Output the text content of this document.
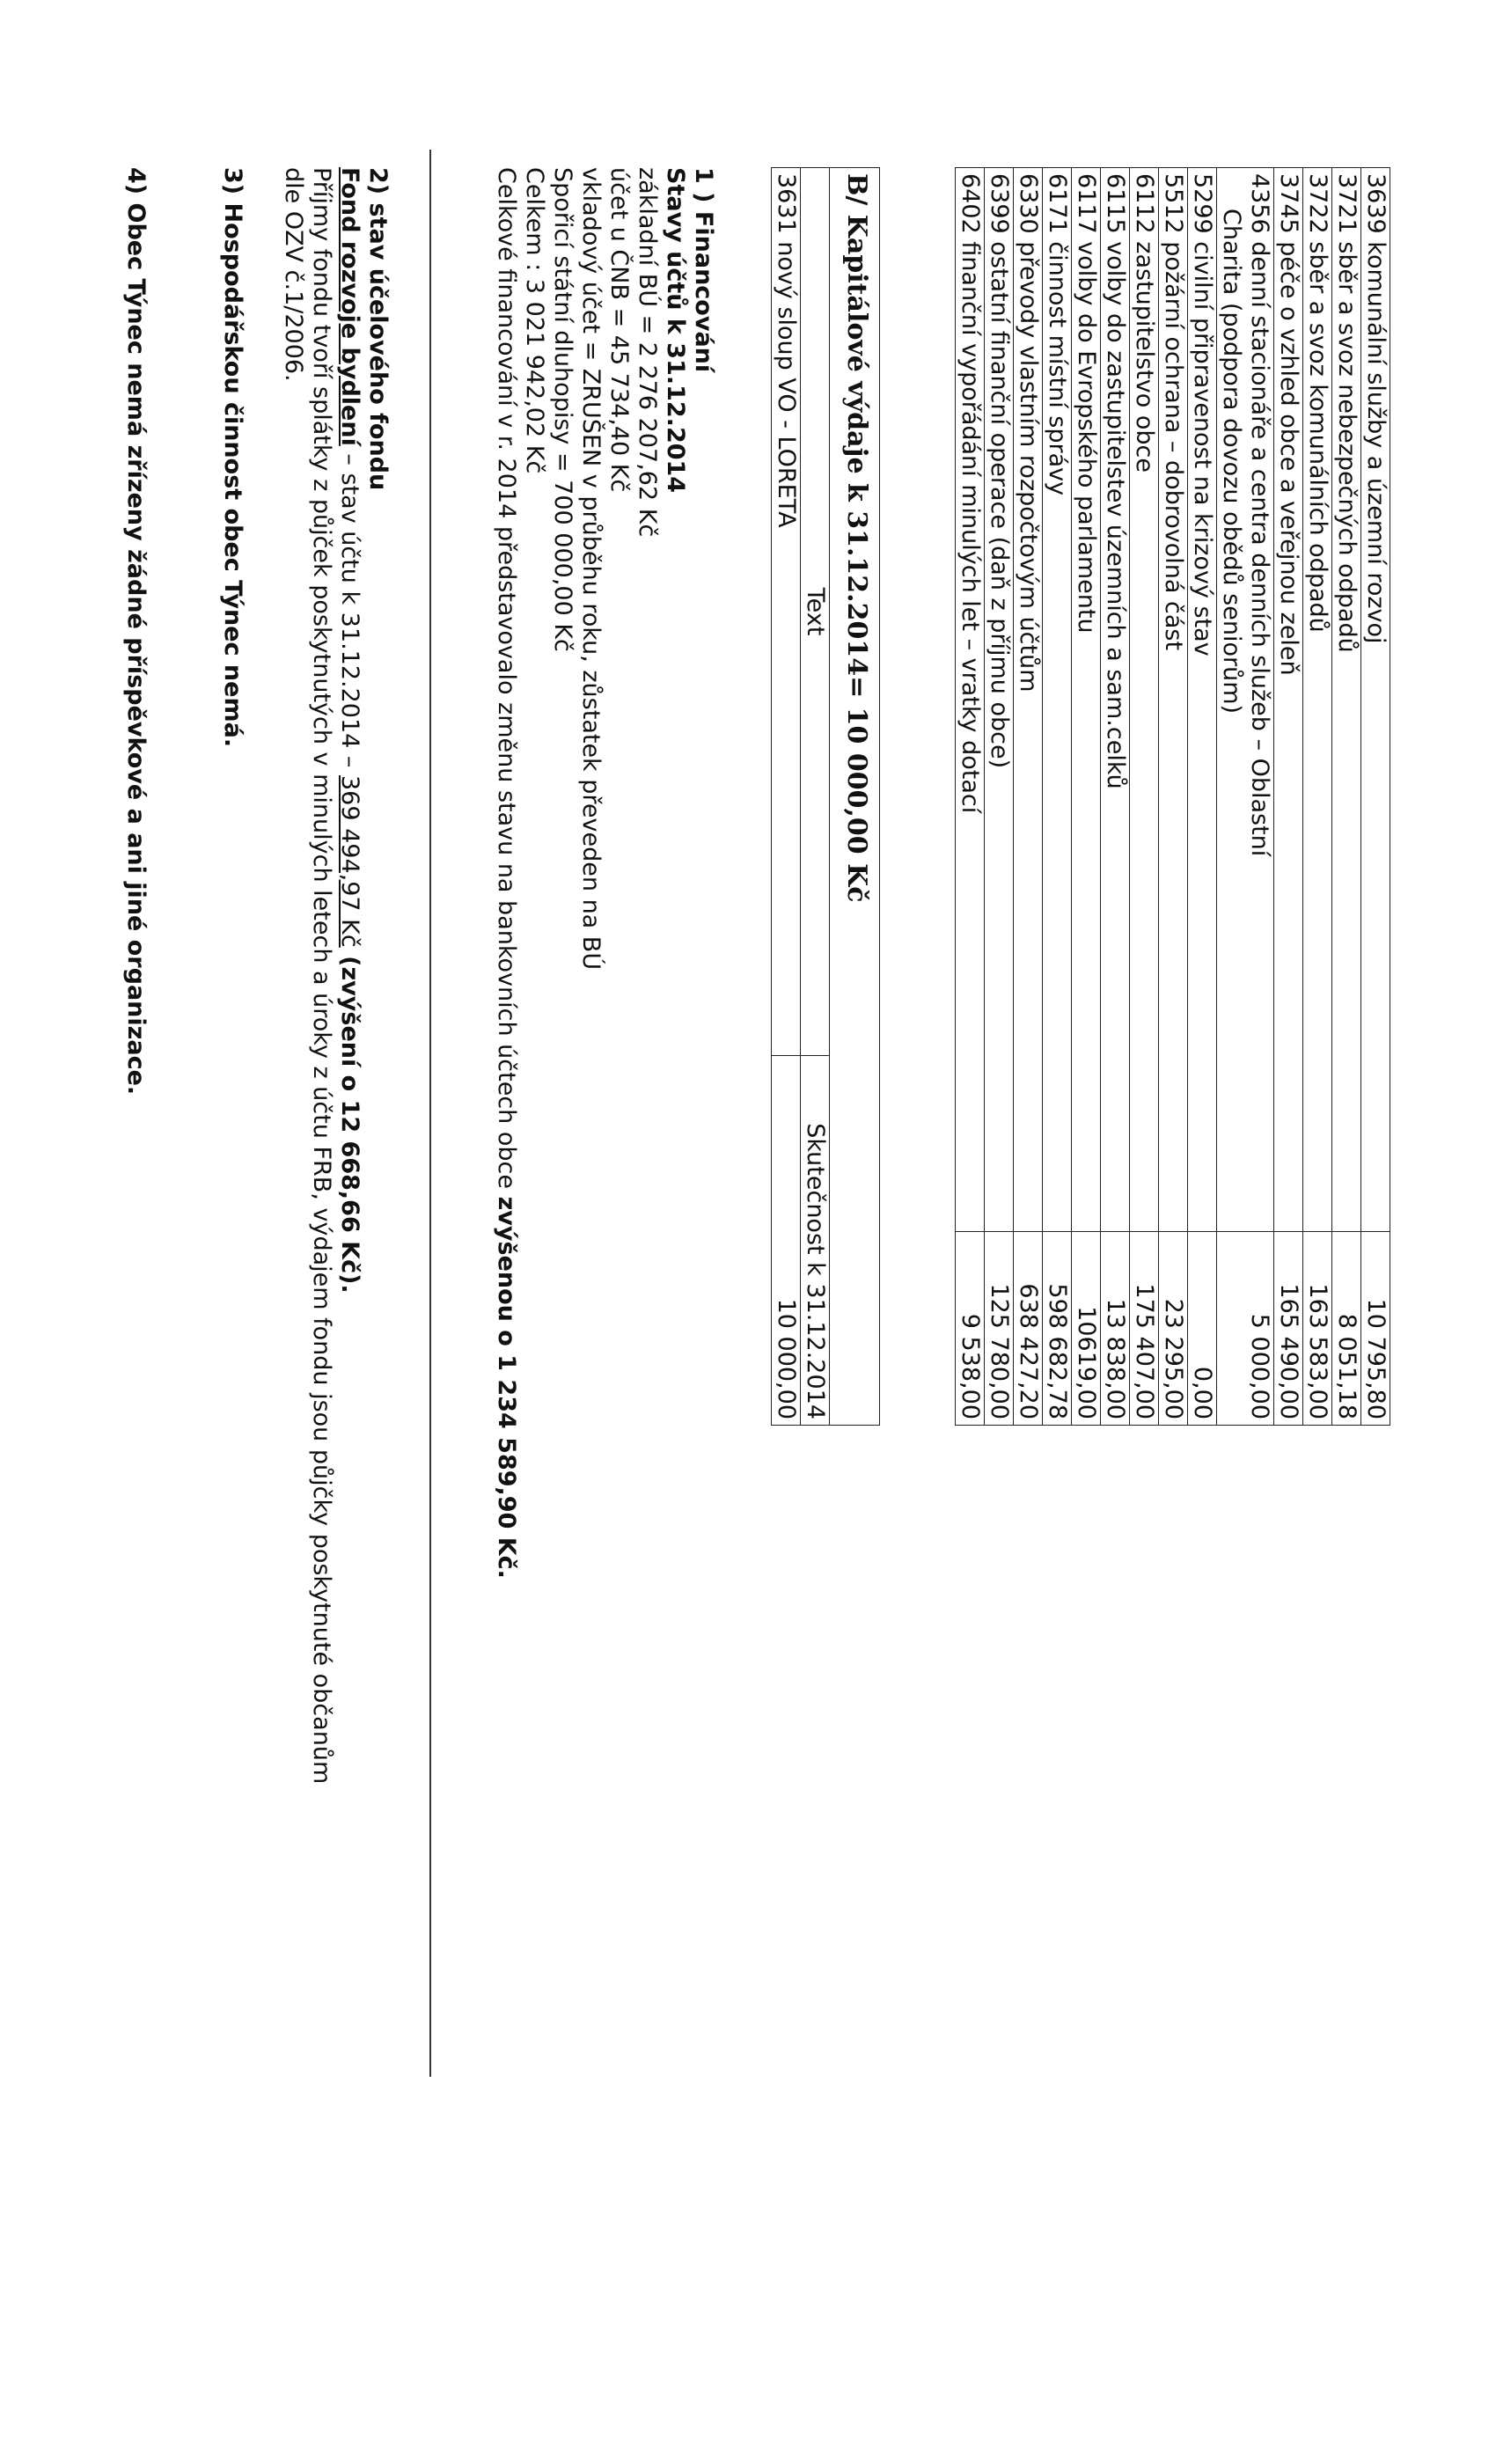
3639 komunální služby a územní rozvoj	10 795,80
3721 sběr a svoz nebezpečných odpadů	8 051,18
3722 sběr a svoz komunálních odpadů	163 583,00
3745 péče o vzhled obce a veřejnou zeleň	165 490,00
4356 denní stacionáře a centra denních služeb – Oblastní
Charita (podpora dovozu obědů seniorům)	5 000,00
5299 civilní připravenost na krizový stav	0,00
5512 požární ochrana – dobrovolná část	23 295,00
6112 zastupitelstvo obce	175 407,00
6115 volby do zastupitelstev územních a sam.celků	13 838,00
6117 volby do Evropského parlamentu	10619,00
6171 činnost místní správy	598 682,78
6330 převody vlastním rozpočtovým účtům	638 427,20
6399 ostatní finanční operace (daň z příjmu obce)	125 780,00
6402 finanční vypořádání minulých let – vratky dotací	9 538,00
B/ Kapitálové výdaje k 31.12.2014= 10 000,00 Kč	
Text	Skutečnost k 31.12.2014
3631 nový sloup VO - LORETA	10 000,00
1 ) Financování
Stavy účtů k 31.12.2014
základní BÚ = 2 276 207,62 Kč
účet u ČNB = 45 734,40 Kč
vkladový účet = ZRUŠEN v průběhu roku, zůstatek převeden na BÚ
Spořicí státní dluhopisy = 700 000,00 Kč
Celkem : 3 021 942,02 Kč
Celkové financování v r. 2014 představovalo změnu stavu na bankovních účtech obce zvýšenou o 1 234 589,90 Kč.
2) stav účelového fondu
Fond rozvoje bydlení – stav účtu k 31.12.2014 – 369 494,97 Kč (zvýšení o 12 668,66 Kč).
Příjmy fondu tvoří splátky z půjček poskytnutých v minulých letech a úroky z účtu FRB, výdajem fondu jsou půjčky poskytnuté občanům
dle OZV č.1/2006.
3) Hospodářskou činnost obec Týnec nemá.
4) Obec Týnec nemá zřízeny žádné příspěvkové a ani jiné organizace.
